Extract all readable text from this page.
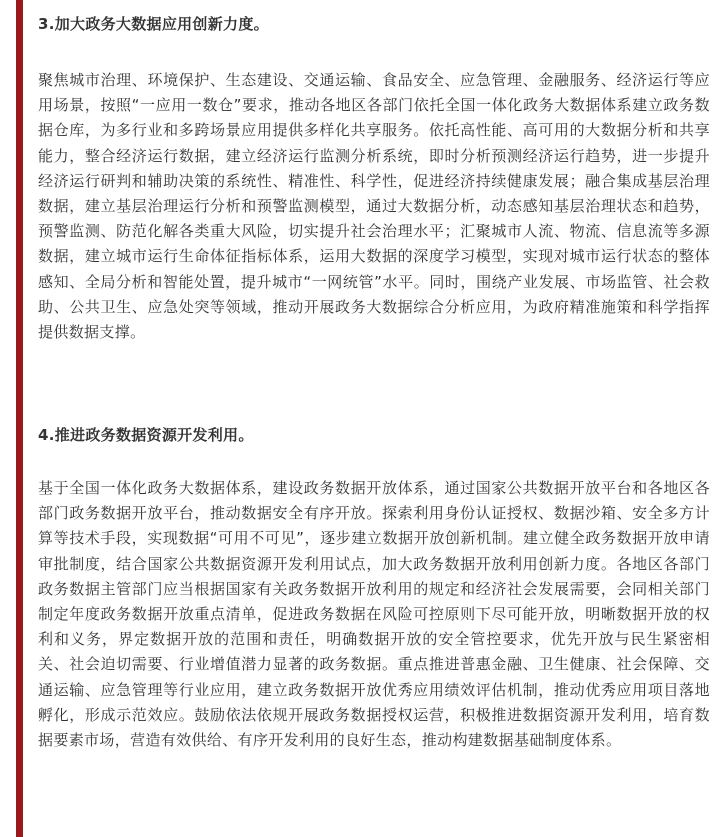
3.加大政务大数据应用创新力度。

聚焦城市治理、环境保护、生态建设、交通运输、食品安全、应急管理、金融服务、经济运行等应用场景，按照“一应用一数仓”要求，推动各地区各部门依托全国一体化政务大数据体系建立政务数据仓库，为多行业和多跨场景应用提供多样化共享服务。依托高性能、高可用的大数据分析和共享能力，整合经济运行数据，建立经济运行监测分析系统，即时分析预测经济运行趋势，进一步提升经济运行研判和辅助决策的系统性、精准性、科学性，促进经济持续健康发展；融合集成基层治理数据，建立基层治理运行分析和预警监测模型，通过大数据分析，动态感知基层治理状态和趋势，预警监测、防范化解各类重大风险，切实提升社会治理水平；汇聚城市人流、物流、信息流等多源数据，建立城市运行生命体征指标体系，运用大数据的深度学习模型，实现对城市运行状态的整体感知、全局分析和智能处置，提升城市“一网统管”水平。同时，围绕产业发展、市场监管、社会救助、公共卫生、应急处突等领域，推动开展政务大数据综合分析应用，为政府精准施策和科学指挥提供数据支撑。

4.推进政务数据资源开发利用。

基于全国一体化政务大数据体系，建设政务数据开放体系，通过国家公共数据开放平台和各地区各部门政务数据开放平台，推动数据安全有序开放。探索利用身份认证授权、数据沙箱、安全多方计算等技术手段，实现数据“可用不可见”，逐步建立数据开放创新机制。建立健全政务数据开放申请审批制度，结合国家公共数据资源开发利用试点，加大政务数据开放利用创新力度。各地区各部门政务数据主管部门应当根据国家有关政务数据开放利用的规定和经济社会发展需要，会同相关部门制定年度政务数据开放重点清单，促进政务数据在风险可控原则下尽可能开放，明晰数据开放的权利和义务，界定数据开放的范围和责任，明确数据开放的安全管控要求，优先开放与民生紧密相关、社会迫切需要、行业增值潜力显著的政务数据。重点推进普惠金融、卫生健康、社会保障、交通运输、应急管理等行业应用，建立政务数据开放优秀应用绩效评估机制，推动优秀应用项目落地孵化，形成示范效应。鼓励依法依规开展政务数据授权运营，积极推进数据资源开发利用，培育数据要素市场，营造有效供给、有序开发利用的良好生态，推动构建数据基础制度体系。
